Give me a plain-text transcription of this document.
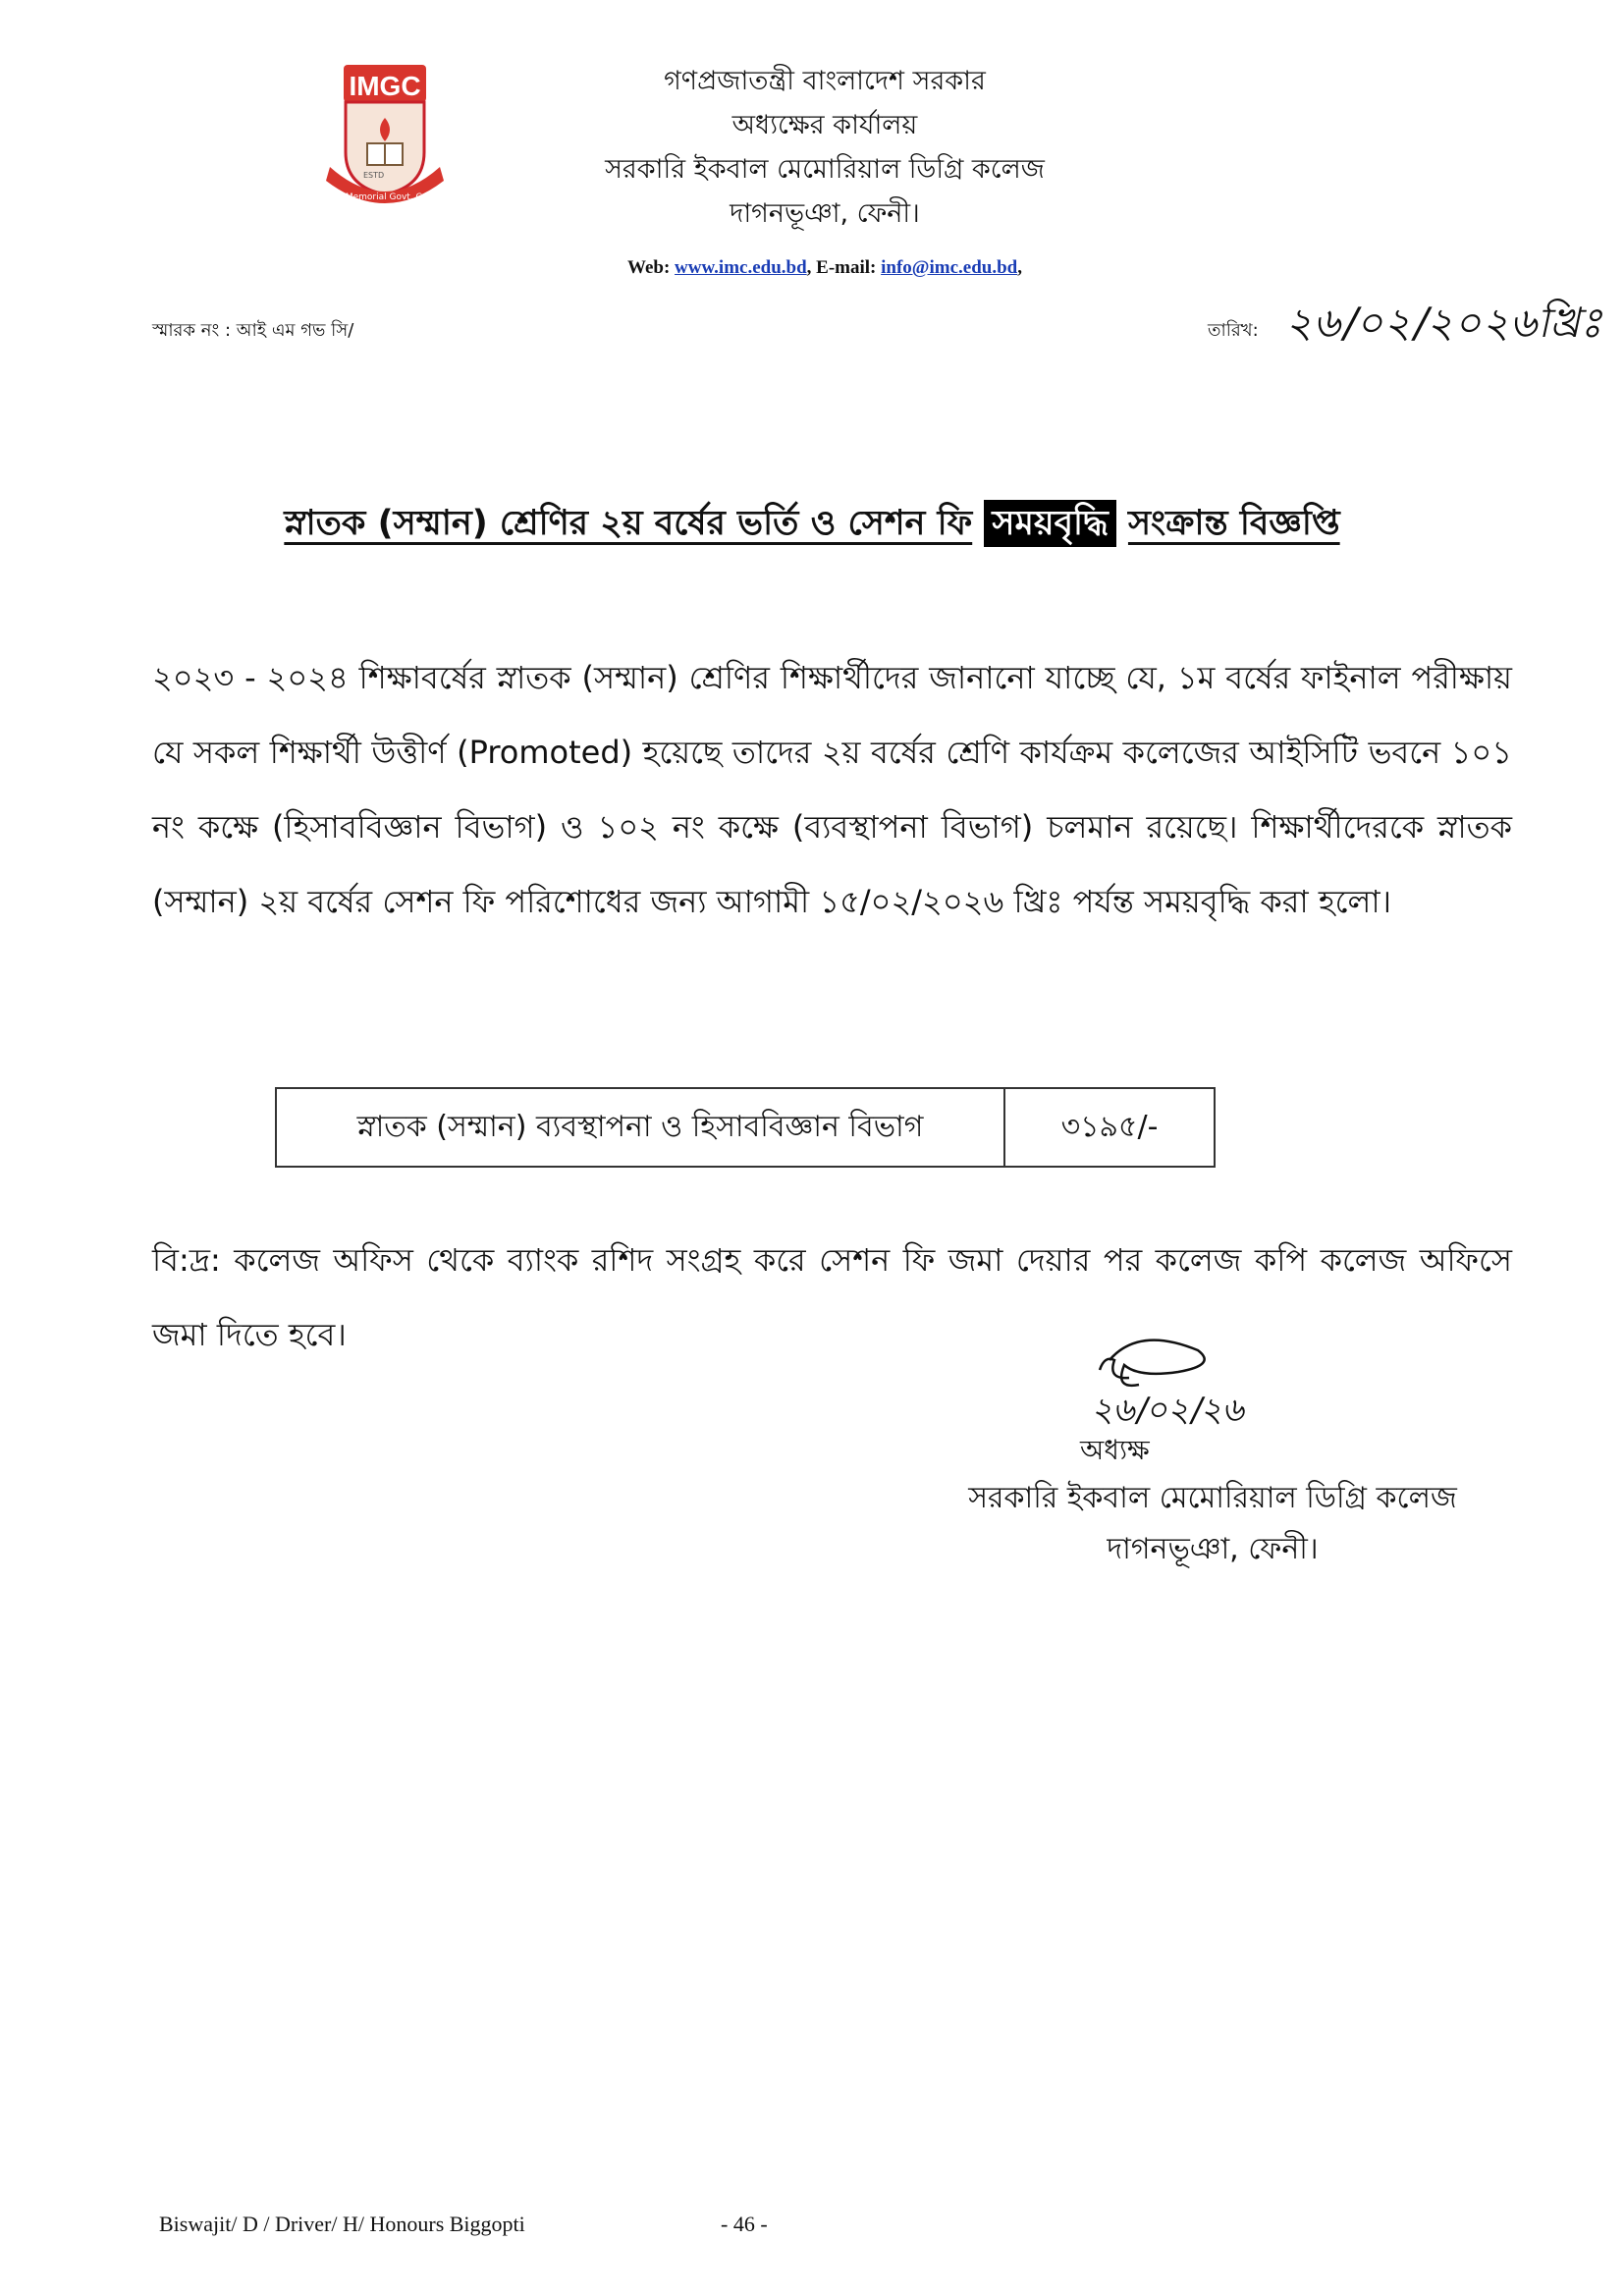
IMGC
ESTD
Iqbal Memorial Govt. College
গণপ্রজাতন্ত্রী বাংলাদেশ সরকার
অধ্যক্ষের কার্যালয়
সরকারি ইকবাল মেমোরিয়াল ডিগ্রি কলেজ
দাগনভূঞা, ফেনী।
Web: www.imc.edu.bd, E-mail: info@imc.edu.bd,
স্মারক নং : আই এম গভ সি/	তারিখ: ২৬/০২/২০২৬খ্রিঃ
স্নাতক (সম্মান) শ্রেণির ২য় বর্ষের ভর্তি ও সেশন ফি সময়বৃদ্ধি সংক্রান্ত বিজ্ঞপ্তি
২০২৩ - ২০২৪ শিক্ষাবর্ষের স্নাতক (সম্মান) শ্রেণির শিক্ষার্থীদের জানানো যাচ্ছে যে, ১ম বর্ষের ফাইনাল পরীক্ষায় যে সকল শিক্ষার্থী উত্তীর্ণ (Promoted) হয়েছে তাদের ২য় বর্ষের শ্রেণি কার্যক্রম কলেজের আইসিটি ভবনে ১০১ নং কক্ষে (হিসাববিজ্ঞান বিভাগ) ও ১০২ নং কক্ষে (ব্যবস্থাপনা বিভাগ) চলমান রয়েছে। শিক্ষার্থীদেরকে স্নাতক (সম্মান) ২য় বর্ষের সেশন ফি পরিশোধের জন্য আগামী ১৫/০২/২০২৬ খ্রিঃ পর্যন্ত সময়বৃদ্ধি করা হলো।
স্নাতক (সম্মান) ব্যবস্থাপনা ও হিসাববিজ্ঞান বিভাগ	৩১৯৫/-
বি:দ্র: কলেজ অফিস থেকে ব্যাংক রশিদ সংগ্রহ করে সেশন ফি জমা দেয়ার পর কলেজ কপি কলেজ অফিসে জমা দিতে হবে।
২৬/০২/২৬
অধ্যক্ষ
সরকারি ইকবাল মেমোরিয়াল ডিগ্রি কলেজ
দাগনভূঞা, ফেনী।
Biswajit/ D / Driver/ H/ Honours Biggopti	- 46 -
